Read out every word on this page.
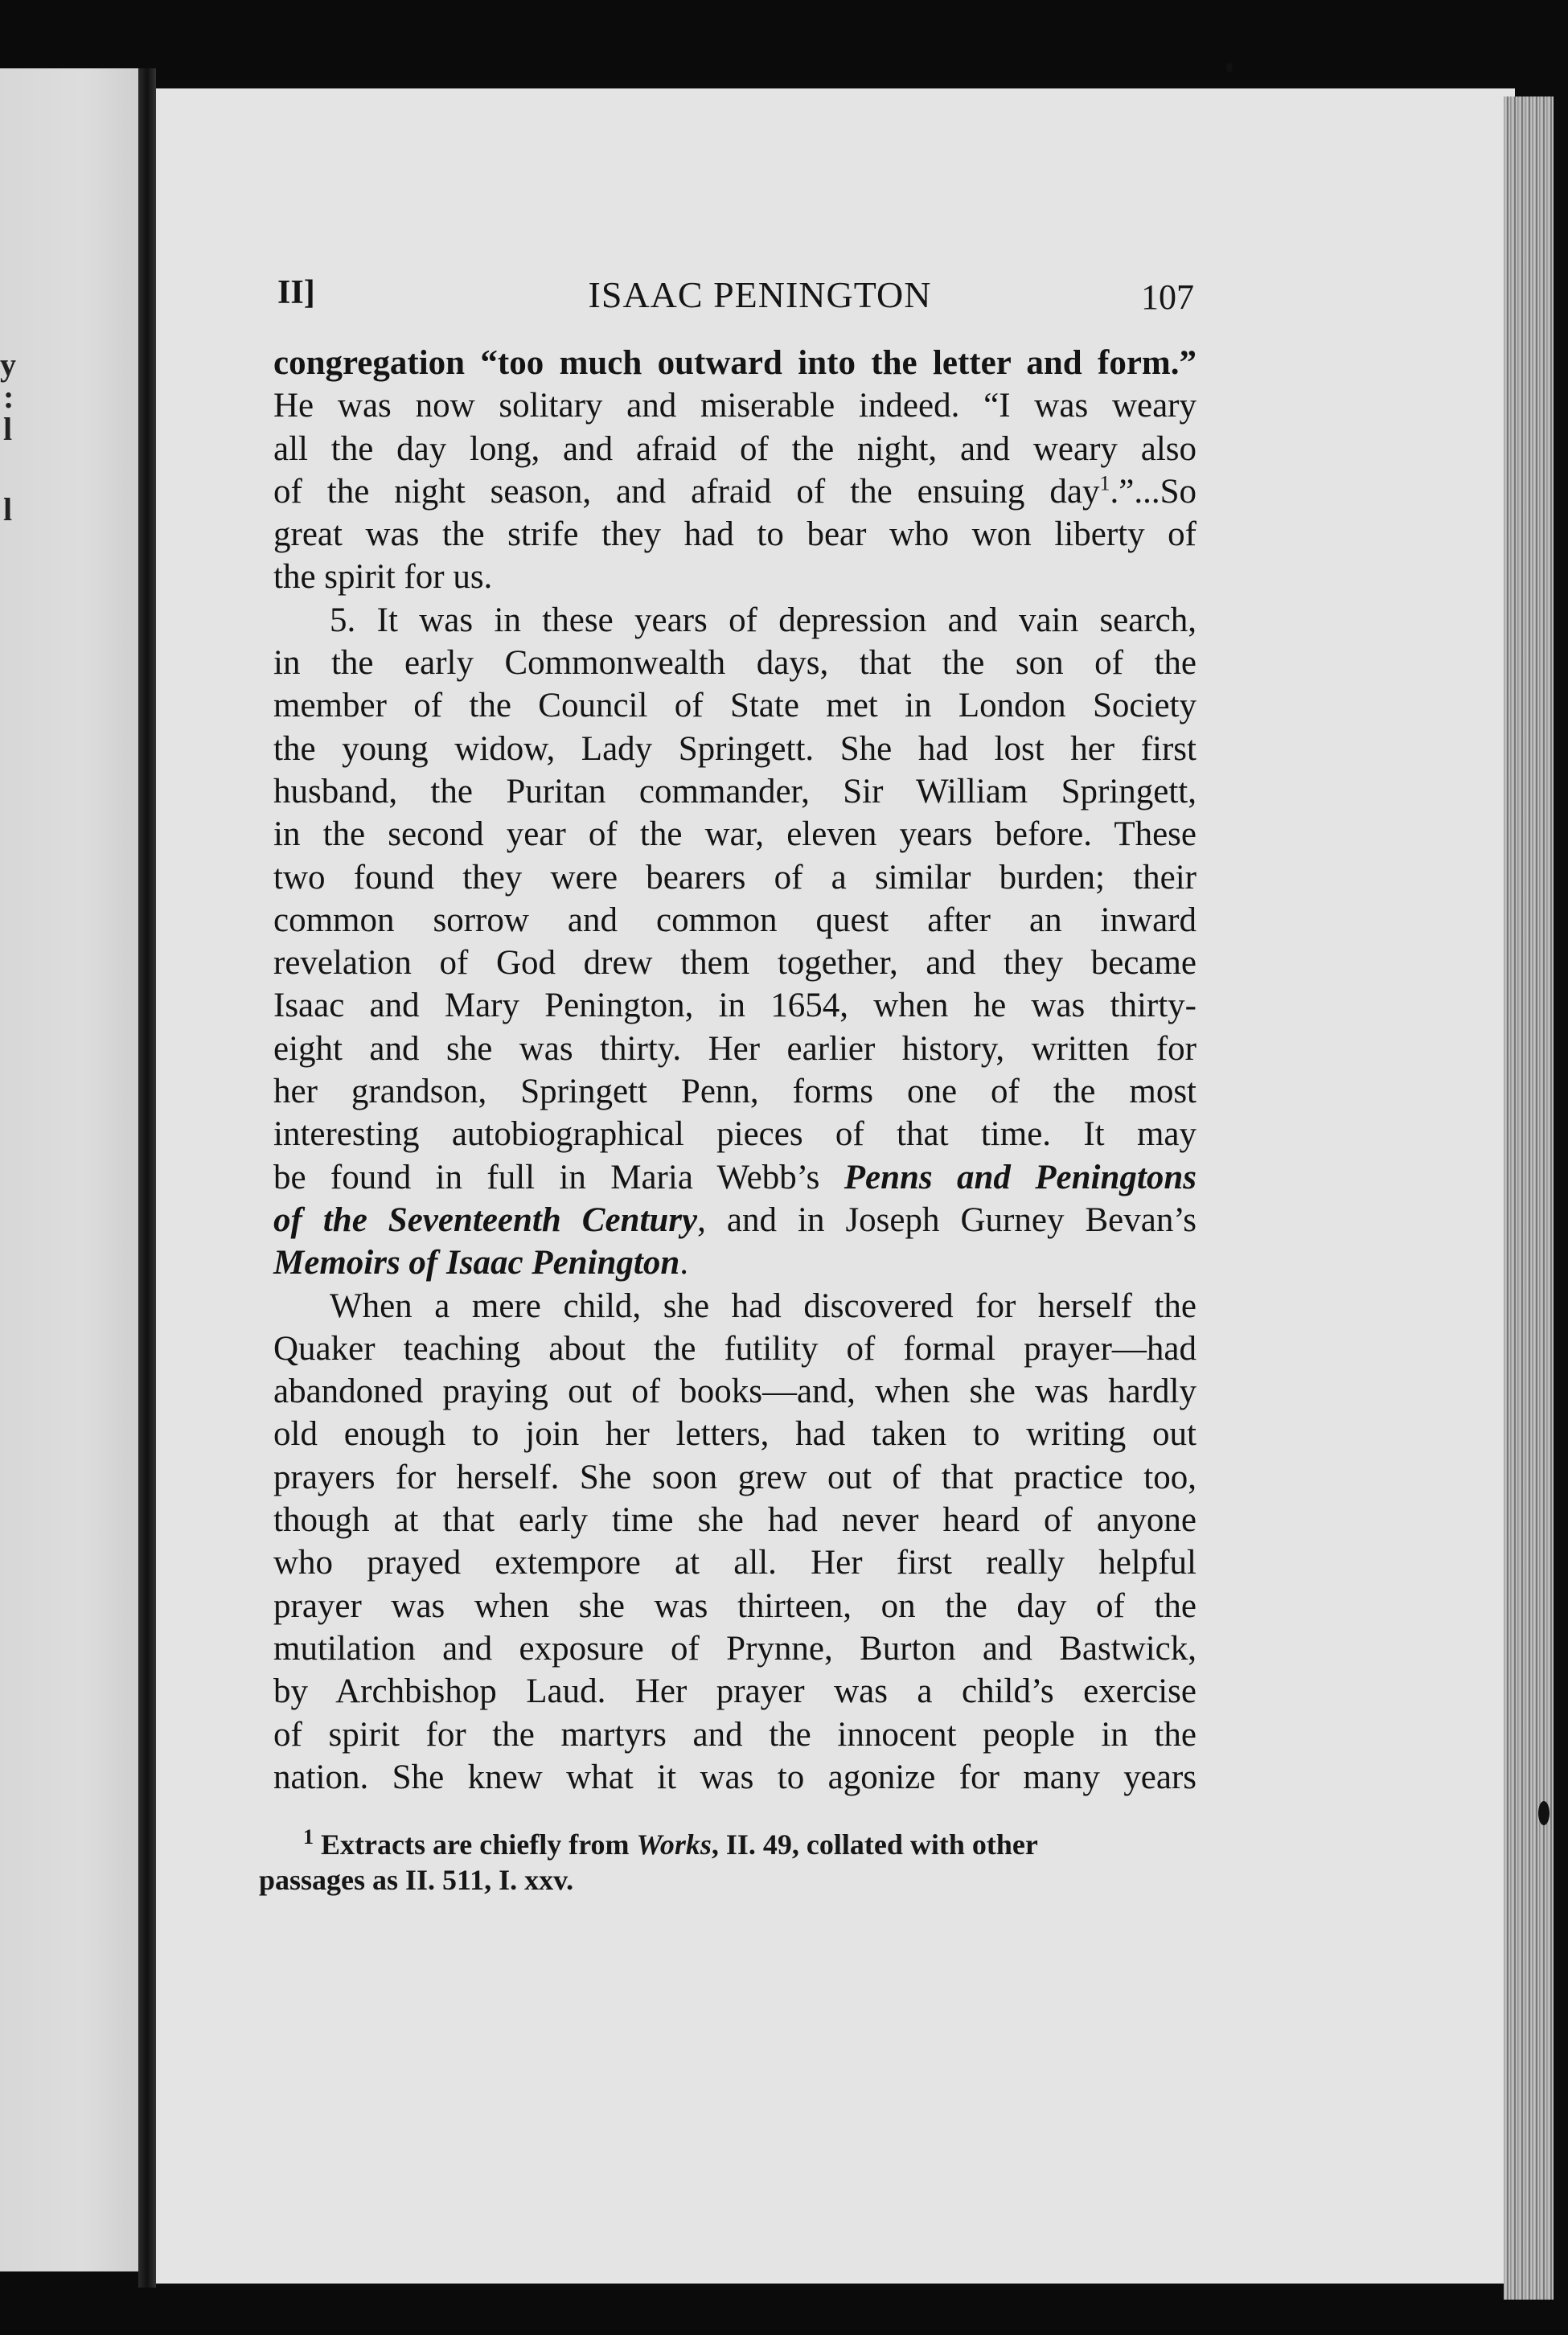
y
:
l
l
II]	ISAAC PENINGTON	107
congregation “too much outward into the letter and form.”
He was now solitary and miserable indeed. “I was weary
all the day long, and afraid of the night, and weary also
of the night season, and afraid of the ensuing day$^1$.”...So
great was the strife they had to bear who won liberty of
the spirit for us.
5. It was in these years of depression and vain search,
in the early Commonwealth days, that the son of the
member of the Council of State met in London Society
the young widow, Lady Springett. She had lost her first
husband, the Puritan commander, Sir William Springett,
in the second year of the war, eleven years before. These
two found they were bearers of a similar burden; their
common sorrow and common quest after an inward
revelation of God drew them together, and they became
Isaac and Mary Penington, in 1654, when he was thirty-
eight and she was thirty. Her earlier history, written for
her grandson, Springett Penn, forms one of the most
interesting autobiographical pieces of that time. It may
be found in full in Maria Webb’s Penns and Peningtons
of the Seventeenth Century, and in Joseph Gurney Bevan’s
Memoirs of Isaac Penington.
When a mere child, she had discovered for herself the
Quaker teaching about the futility of formal prayer—had
abandoned praying out of books—and, when she was hardly
old enough to join her letters, had taken to writing out
prayers for herself. She soon grew out of that practice too,
though at that early time she had never heard of anyone
who prayed extempore at all. Her first really helpful
prayer was when she was thirteen, on the day of the
mutilation and exposure of Prynne, Burton and Bastwick,
by Archbishop Laud. Her prayer was a child’s exercise
of spirit for the martyrs and the innocent people in the
nation. She knew what it was to agonize for many years
$^1$ Extracts are chiefly from Works, II. 49, collated with other
passages as II. 511, I. xxv.
